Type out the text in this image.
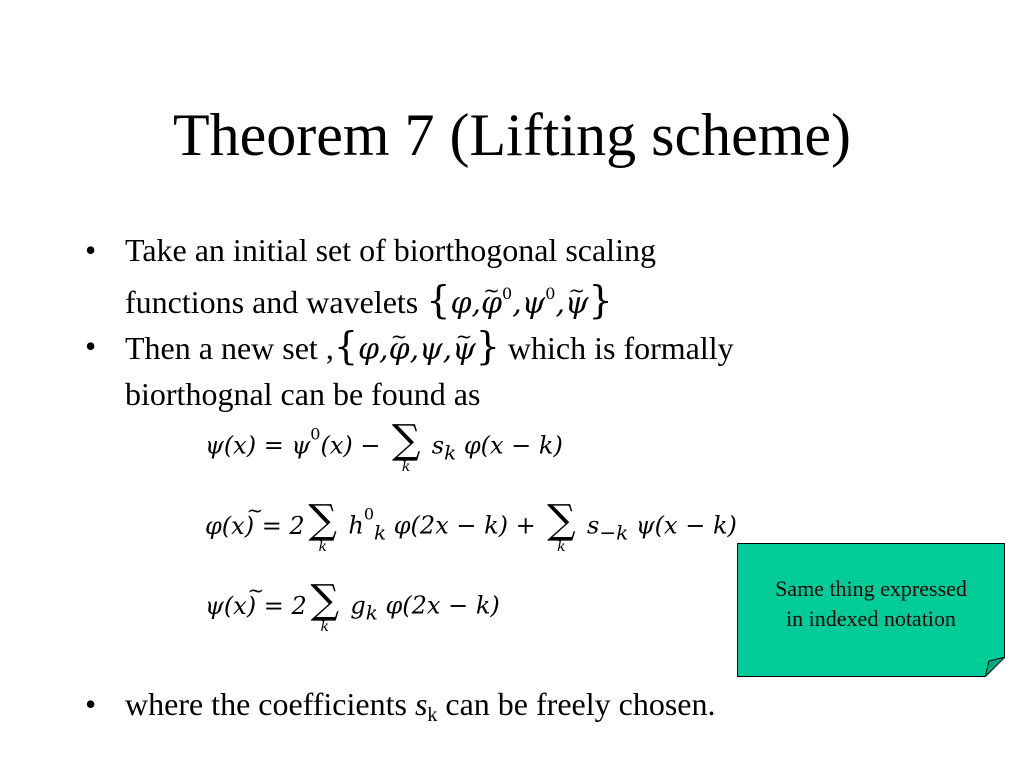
Theorem 7 (Lifting scheme)
• Take an initial set of biorthogonal scaling
functions and wavelets {φ,~ $\varphi^0,\psi^0,\sim$ ψ}
• Then a new set ,{φ,~ φ,ψ,~ ψ} which is formally
biorthognal can be found as
$\psi(x) = \psi^0(x)$ − ∑
k
$s_k$ φ(x − k)
~ φ(x) = 2 ∑
k
$h^0_k$ φ(2x − k) + ∑
k
$s_{-k}$ ψ(x − k)
~ ψ(x) = 2 ∑
k
$g_k$ φ(2x − k)
Same thing expressed
in indexed notation
• where the coefficients sk can be freely chosen.
